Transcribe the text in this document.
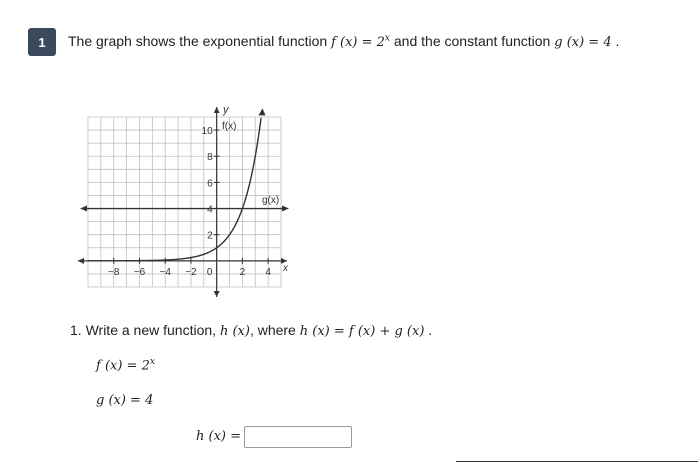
1 The graph shows the exponential function f $(x) = 2^x$ and the constant function g (x) = 4 .
−8 −6 −4 −2 0	2 4
10
8
6
4
2
f(x)
g(x)
y
x
1. Write a new function, h (x), where h (x) = f (x) + g (x) .
f $(x) = 2^x$
g (x) = 4
h (x) =
